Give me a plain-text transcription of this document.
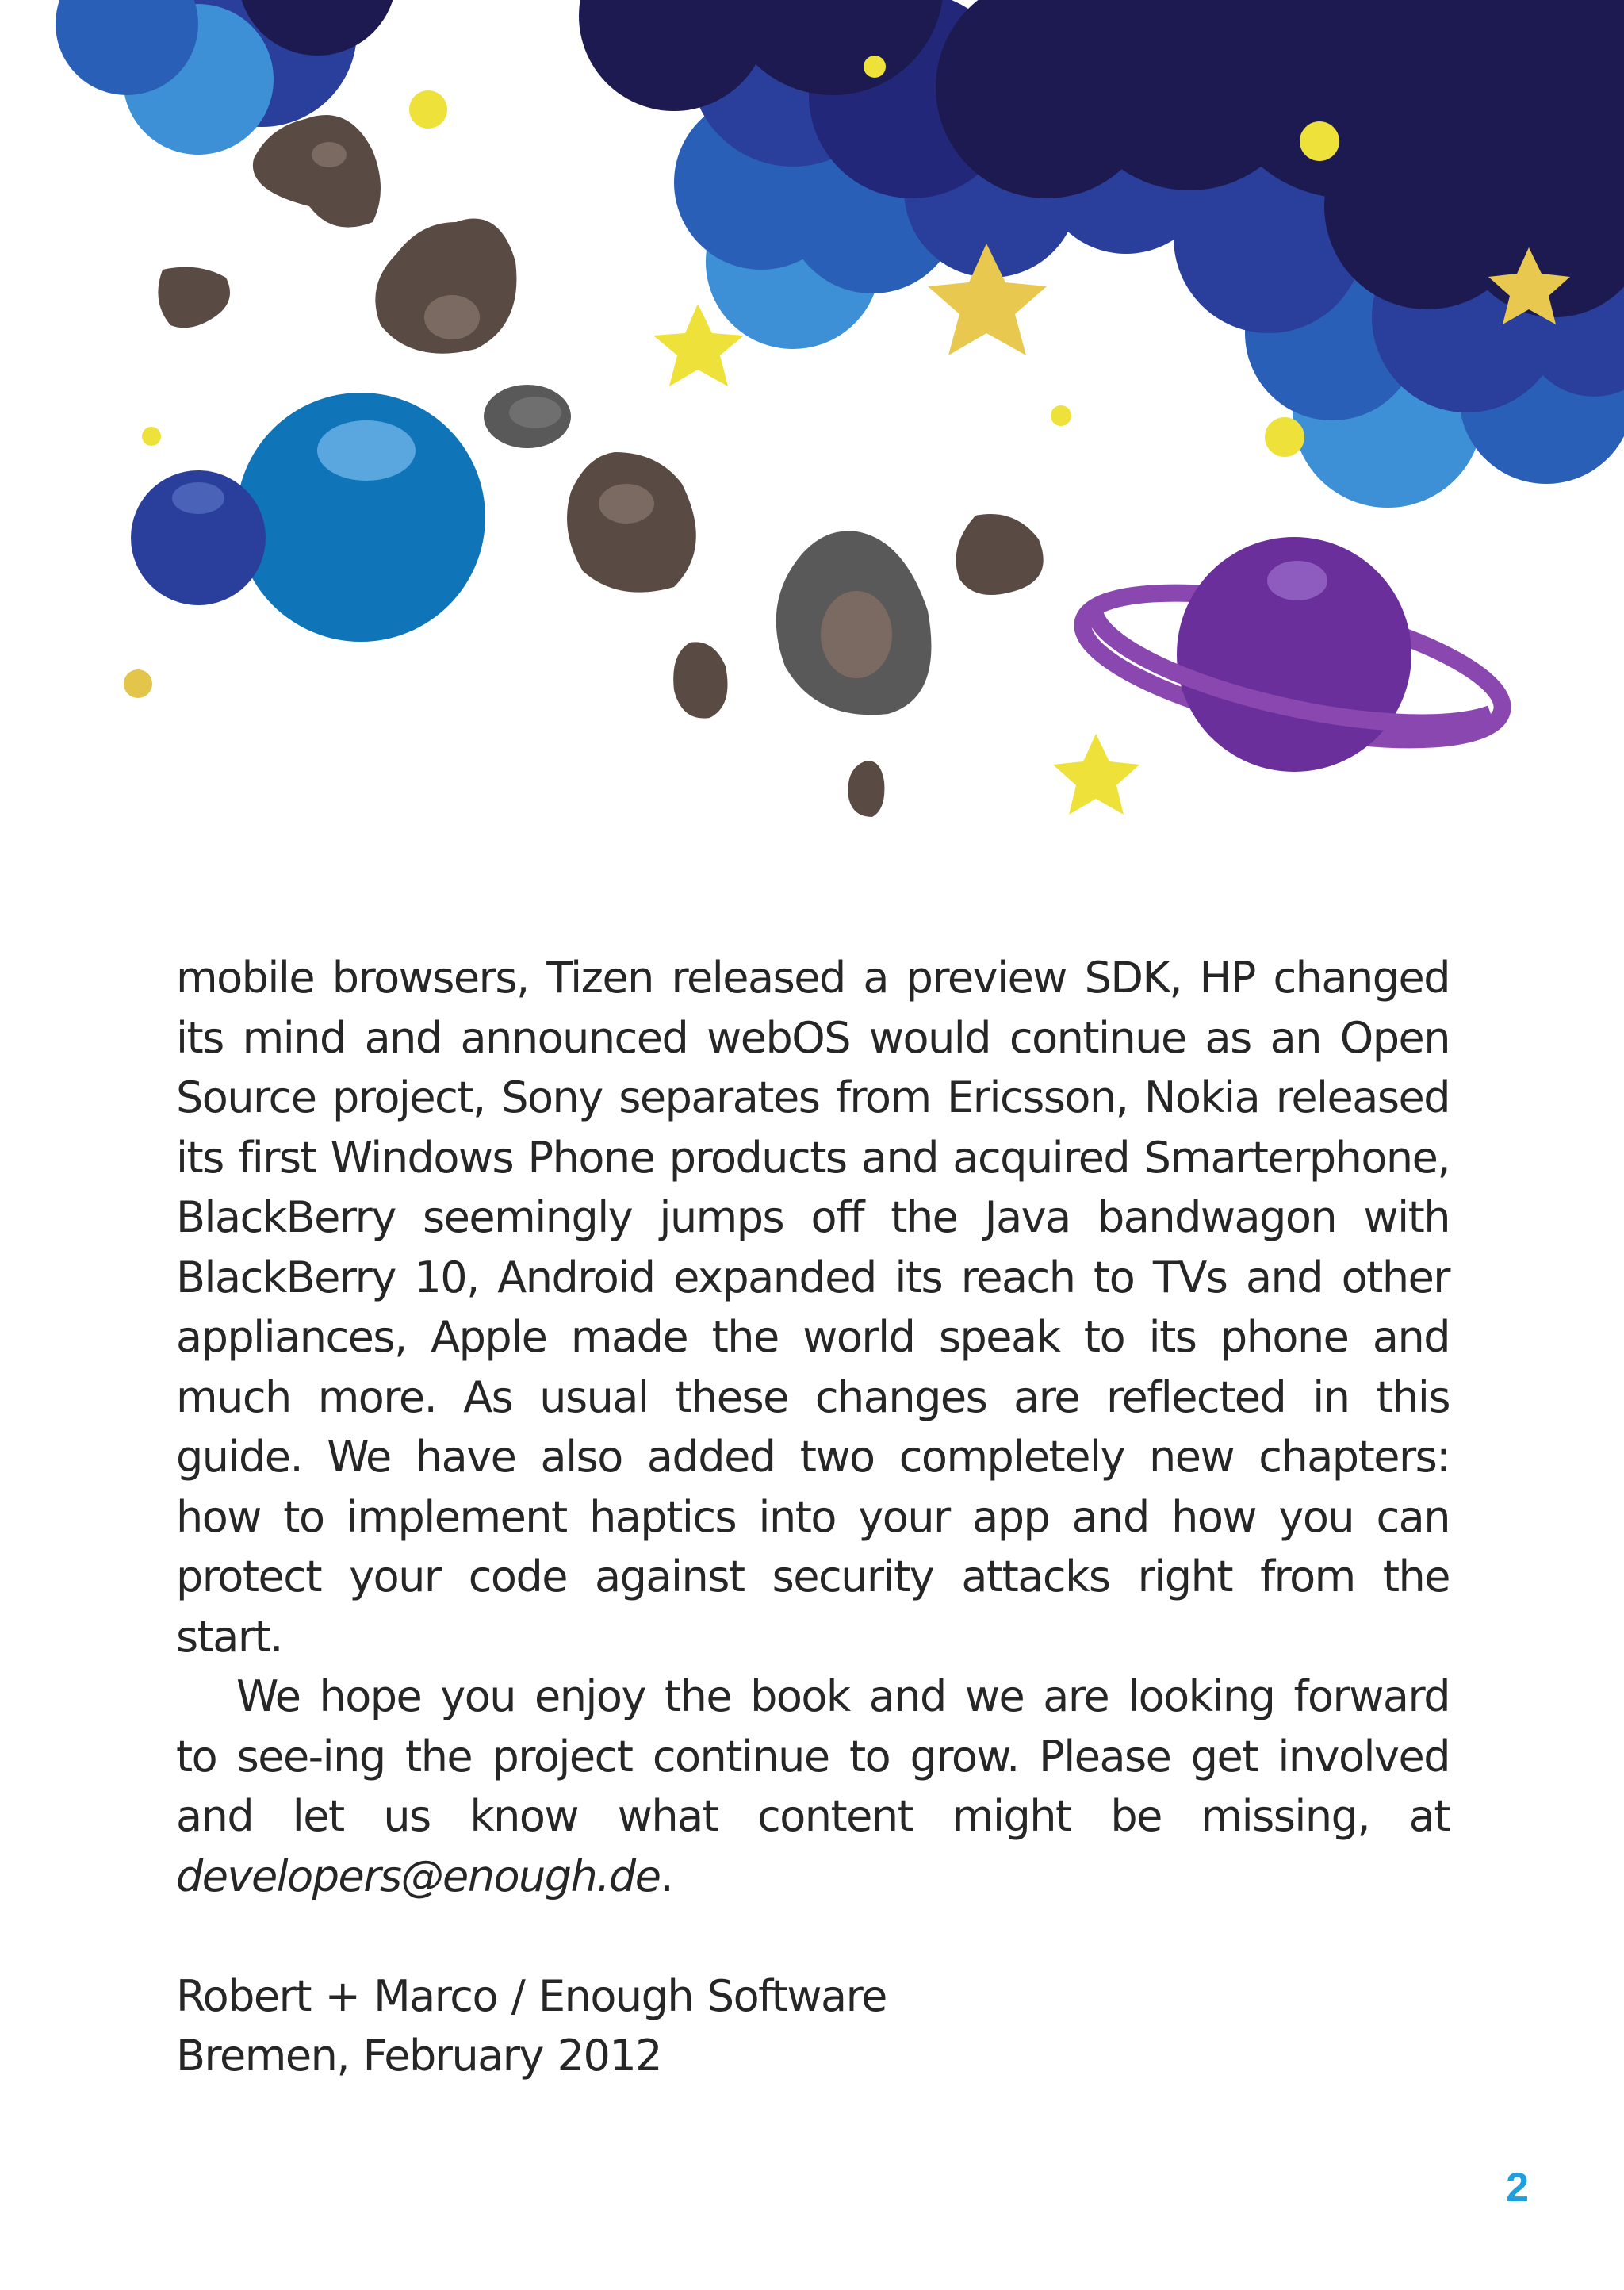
mobile browsers, Tizen released a preview SDK, HP changed its mind and announced webOS would continue as an Open Source project, Sony separates from Ericsson, Nokia released its first Windows Phone products and acquired Smarterphone, BlackBerry seemingly jumps off the Java bandwagon with BlackBerry 10, Android expanded its reach to TVs and other appliances, Apple made the world speak to its phone and much more. As usual these changes are reflected in this guide. We have also added two completely new chapters: how to implement haptics into your app and how you can protect your code against security attacks right from the start.

We hope you enjoy the book and we are looking forward to see-ing the project continue to grow. Please get involved and let us know what content might be missing, at developers@enough.de.

Robert + Marco / Enough Software
Bremen, February 2012
2
